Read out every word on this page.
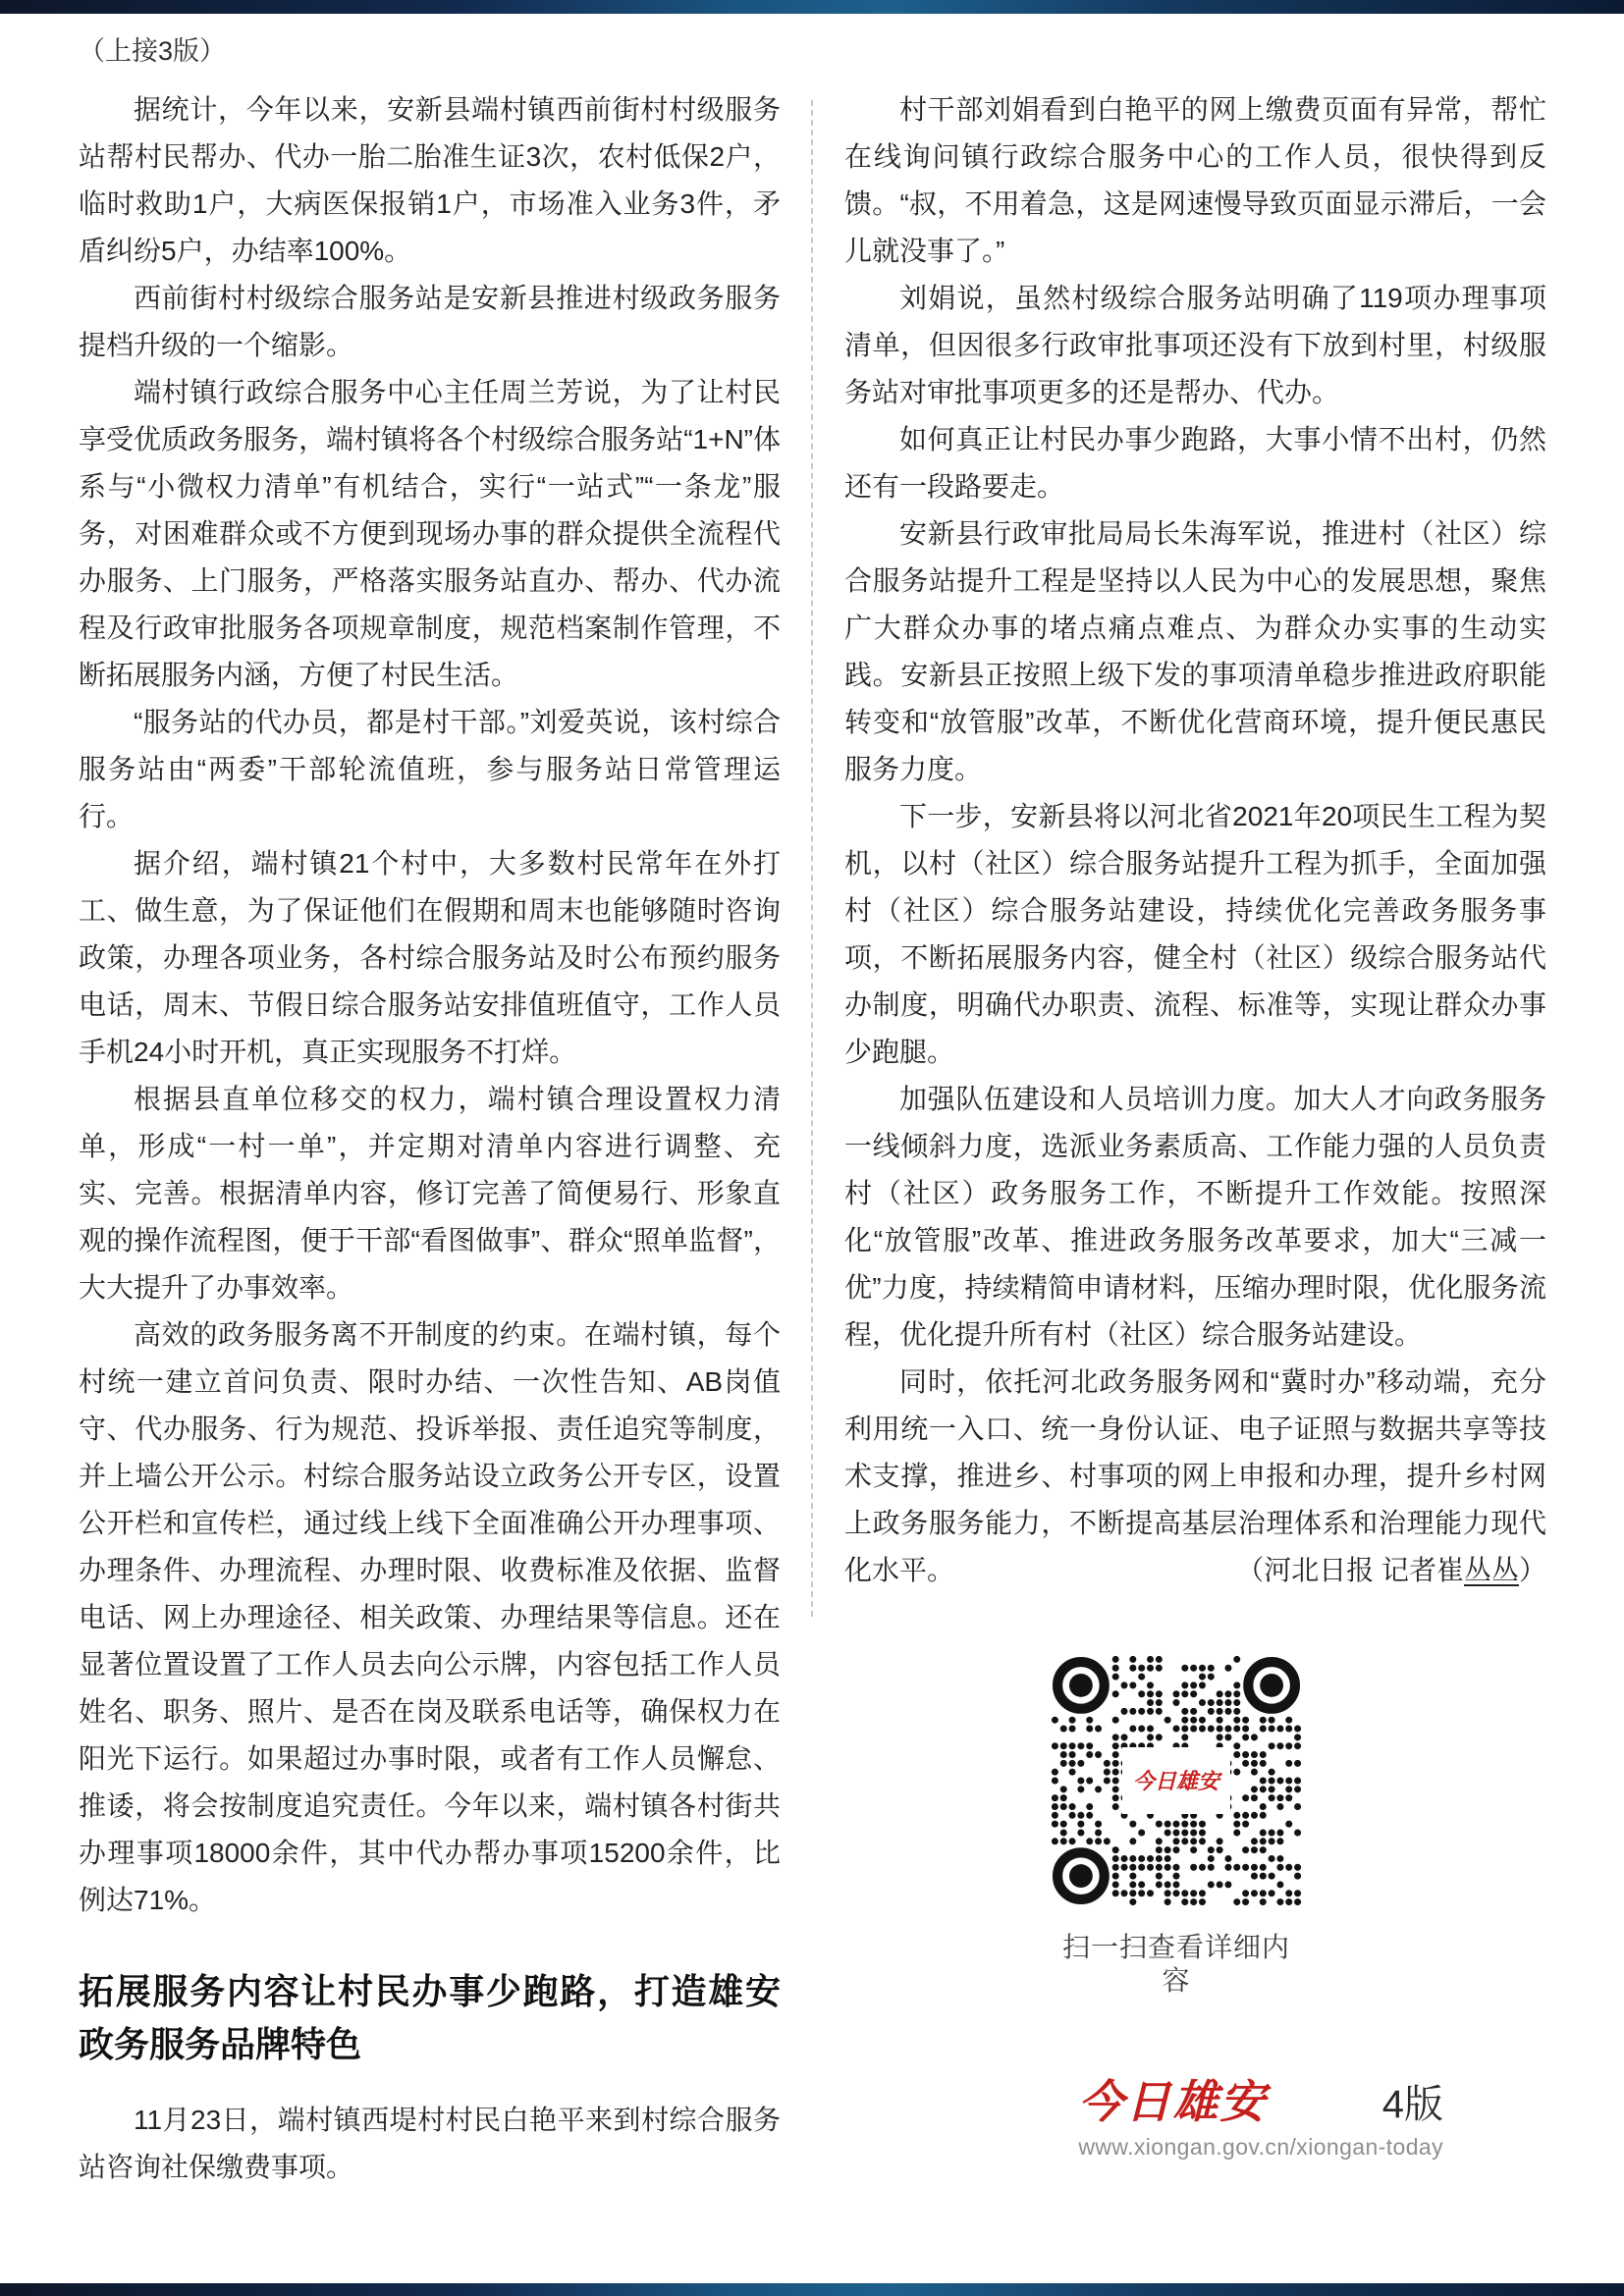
（上接3版）

据统计，今年以来，安新县端村镇西前街村村级服务站帮村民帮办、代办一胎二胎准生证3次，农村低保2户，临时救助1户，大病医保报销1户，市场准入业务3件，矛盾纠纷5户，办结率100%。

西前街村村级综合服务站是安新县推进村级政务服务提档升级的一个缩影。

端村镇行政综合服务中心主任周兰芳说，为了让村民享受优质政务服务，端村镇将各个村级综合服务站“1+N”体系与“小微权力清单”有机结合，实行“一站式”“一条龙”服务，对困难群众或不方便到现场办事的群众提供全流程代办服务、上门服务，严格落实服务站直办、帮办、代办流程及行政审批服务各项规章制度，规范档案制作管理，不断拓展服务内涵，方便了村民生活。

“服务站的代办员，都是村干部。”刘爱英说，该村综合服务站由“两委”干部轮流值班，参与服务站日常管理运行。

据介绍，端村镇21个村中，大多数村民常年在外打工、做生意，为了保证他们在假期和周末也能够随时咨询政策，办理各项业务，各村综合服务站及时公布预约服务电话，周末、节假日综合服务站安排值班值守，工作人员手机24小时开机，真正实现服务不打烊。

根据县直单位移交的权力，端村镇合理设置权力清单，形成“一村一单”，并定期对清单内容进行调整、充实、完善。根据清单内容，修订完善了简便易行、形象直观的操作流程图，便于干部“看图做事”、群众“照单监督”，大大提升了办事效率。

高效的政务服务离不开制度的约束。在端村镇，每个村统一建立首问负责、限时办结、一次性告知、AB岗值守、代办服务、行为规范、投诉举报、责任追究等制度，并上墙公开公示。村综合服务站设立政务公开专区，设置公开栏和宣传栏，通过线上线下全面准确公开办理事项、办理条件、办理流程、办理时限、收费标准及依据、监督电话、网上办理途径、相关政策、办理结果等信息。还在显著位置设置了工作人员去向公示牌，内容包括工作人员姓名、职务、照片、是否在岗及联系电话等，确保权力在阳光下运行。如果超过办事时限，或者有工作人员懈怠、推诿，将会按制度追究责任。今年以来，端村镇各村街共办理事项18000余件，其中代办帮办事项15200余件，比例达71%。

拓展服务内容让村民办事少跑路，打造雄安政务服务品牌特色

11月23日，端村镇西堤村村民白艳平来到村综合服务站咨询社保缴费事项。

村干部刘娟看到白艳平的网上缴费页面有异常，帮忙在线询问镇行政综合服务中心的工作人员，很快得到反馈。“叔，不用着急，这是网速慢导致页面显示滞后，一会儿就没事了。”

刘娟说，虽然村级综合服务站明确了119项办理事项清单，但因很多行政审批事项还没有下放到村里，村级服务站对审批事项更多的还是帮办、代办。

如何真正让村民办事少跑路，大事小情不出村，仍然还有一段路要走。

安新县行政审批局局长朱海军说，推进村（社区）综合服务站提升工程是坚持以人民为中心的发展思想，聚焦广大群众办事的堵点痛点难点、为群众办实事的生动实践。安新县正按照上级下发的事项清单稳步推进政府职能转变和“放管服”改革，不断优化营商环境，提升便民惠民服务力度。

下一步，安新县将以河北省2021年20项民生工程为契机，以村（社区）综合服务站提升工程为抓手，全面加强村（社区）综合服务站建设，持续优化完善政务服务事项，不断拓展服务内容，健全村（社区）级综合服务站代办制度，明确代办职责、流程、标准等，实现让群众办事少跑腿。

加强队伍建设和人员培训力度。加大人才向政务服务一线倾斜力度，选派业务素质高、工作能力强的人员负责村（社区）政务服务工作，不断提升工作效能。按照深化“放管服”改革、推进政务服务改革要求，加大“三减一优”力度，持续精简申请材料，压缩办理时限，优化服务流程，优化提升所有村（社区）综合服务站建设。

同时，依托河北政务服务网和“冀时办”移动端，充分利用统一入口、统一身份认证、电子证照与数据共享等技术支撑，推进乡、村事项的网上申报和办理，提升乡村网上政务服务能力，不断提高基层治理体系和治理能力现代化水平。	（河北日报 记者崔丛丛）

今日雄安
扫一扫查看详细内容
今日雄安	4版
www.xiongan.gov.cn/xiongan-today
